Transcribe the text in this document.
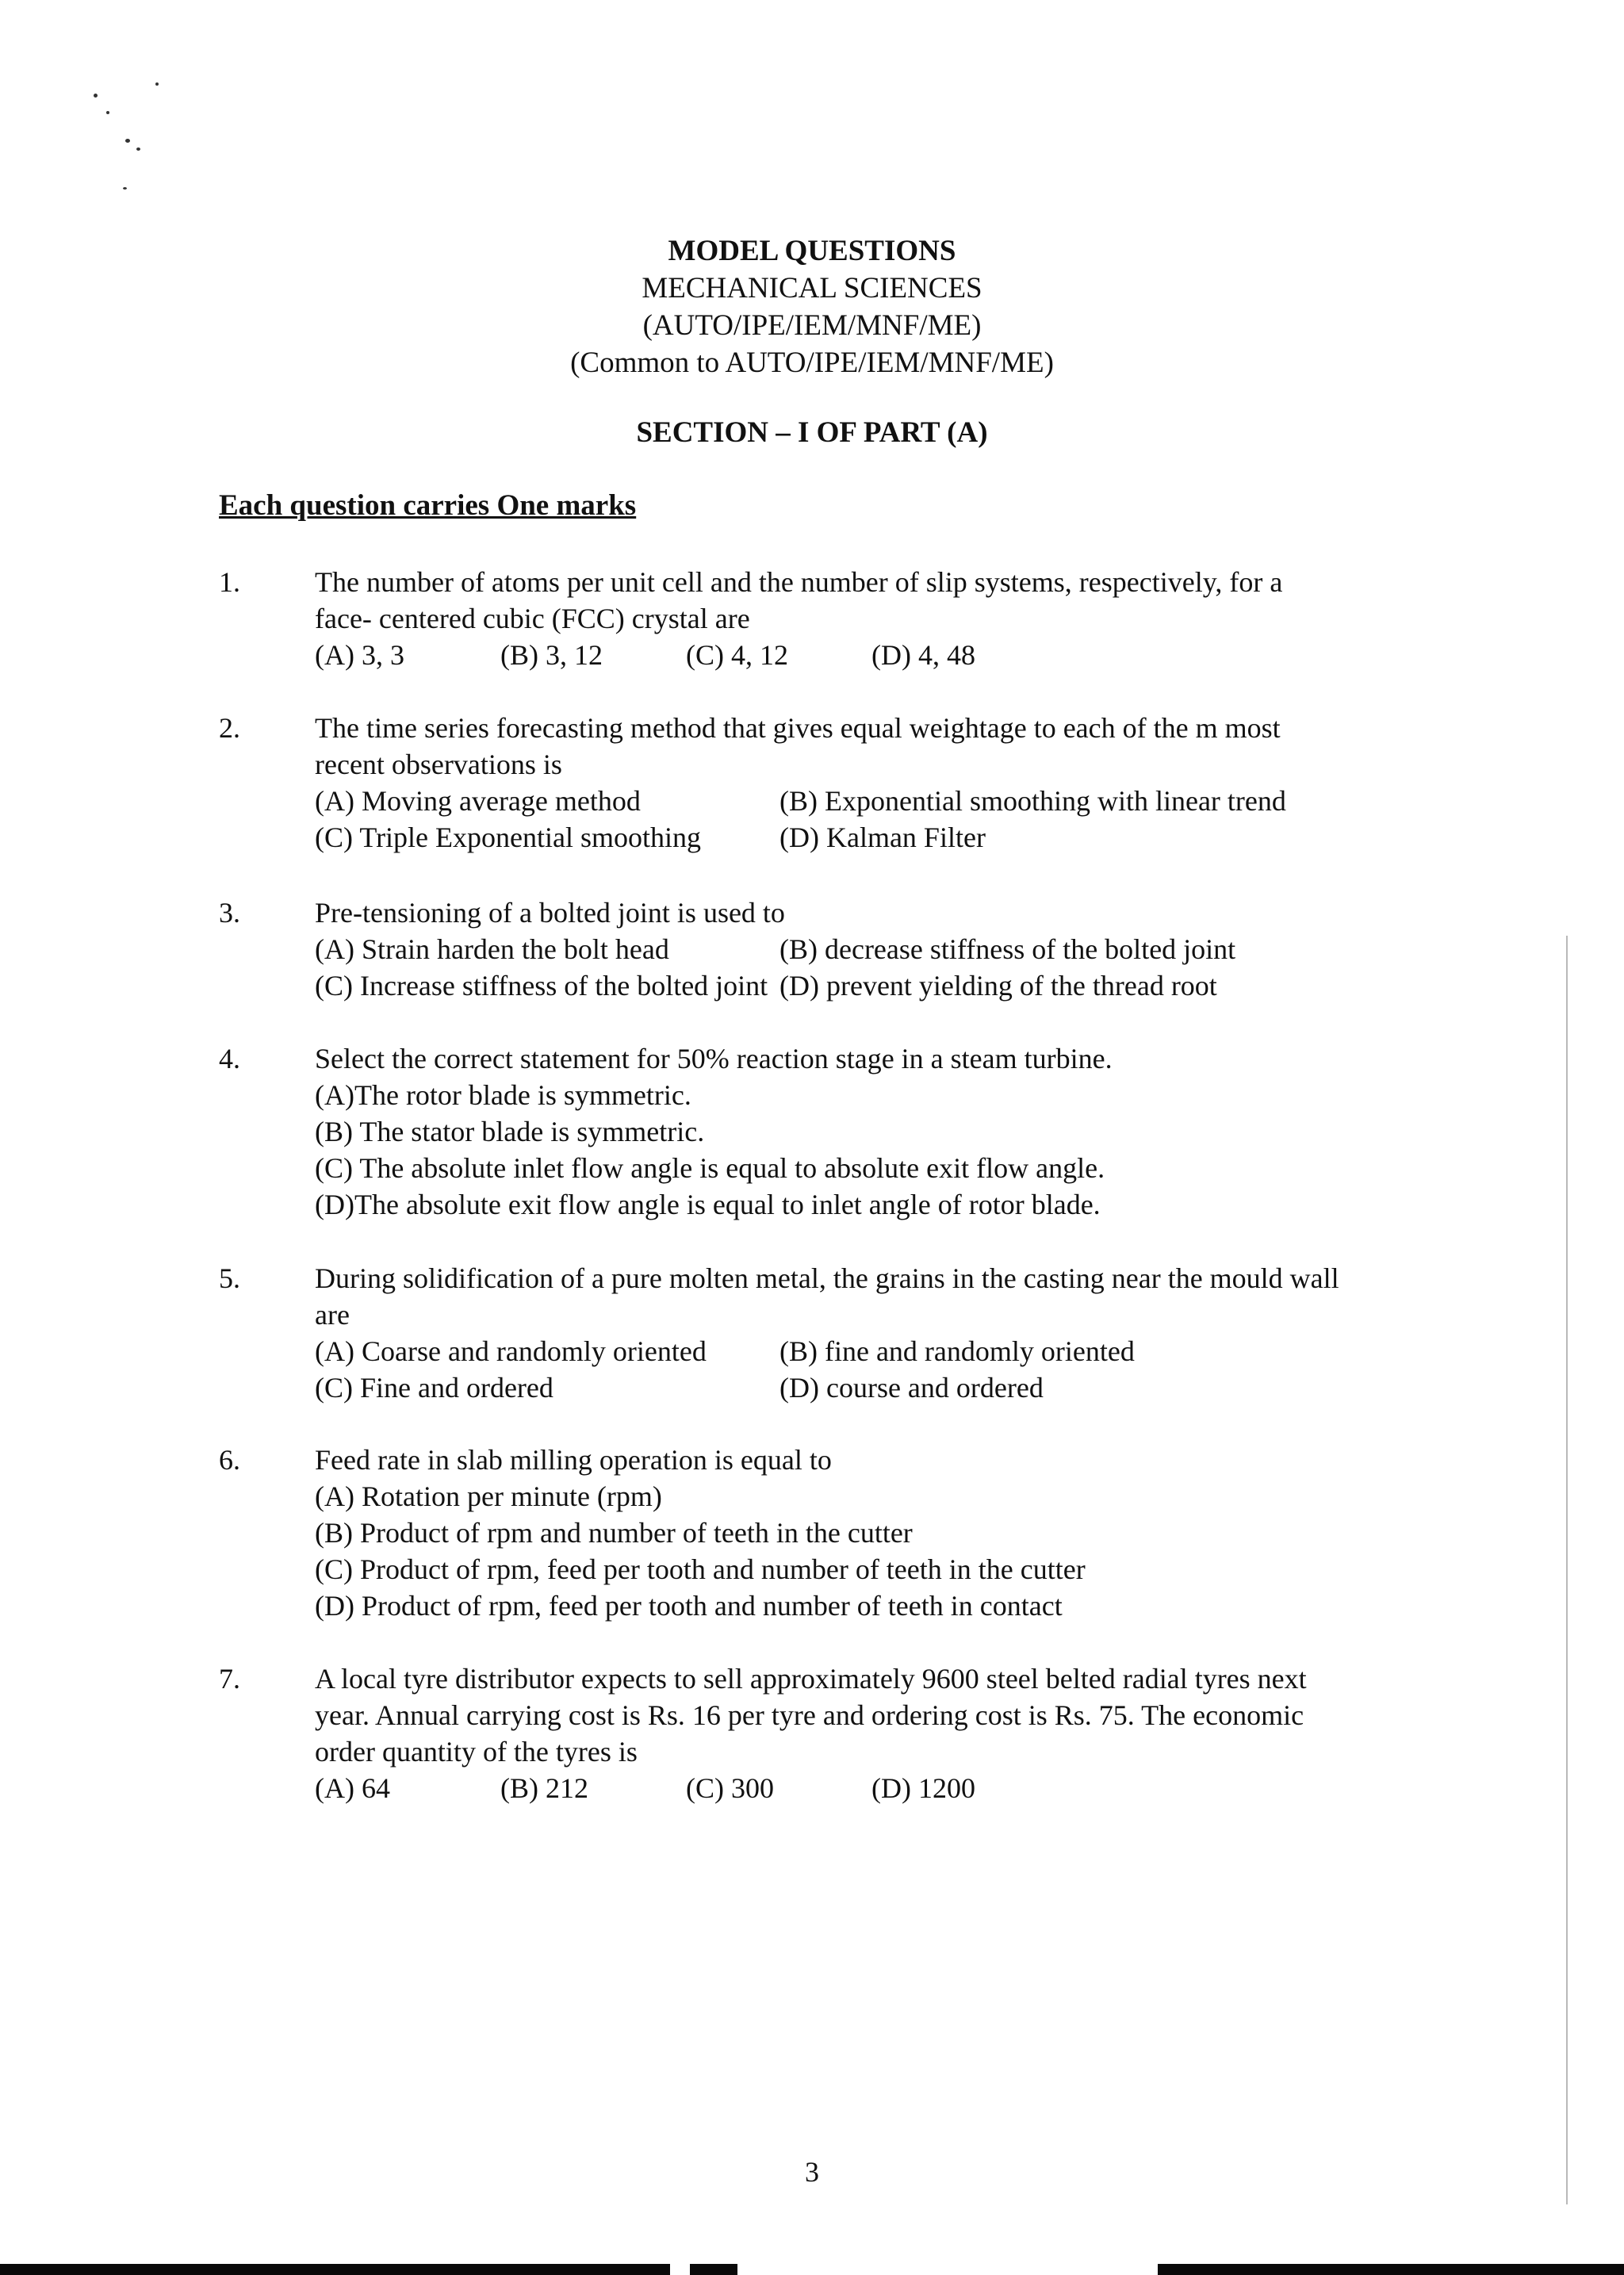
MODEL QUESTIONS
MECHANICAL SCIENCES
(AUTO/IPE/IEM/MNF/ME)
(Common to AUTO/IPE/IEM/MNF/ME)
SECTION – I OF PART (A)
Each question carries One marks
1.	The number of atoms per unit cell and the number of slip systems, respectively, for a face- centered cubic (FCC) crystal are
(A) 3, 3	(B) 3, 12	(C) 4, 12	(D) 4, 48
2.	The time series forecasting method that gives equal weightage to each of the m most recent observations is
(A) Moving average method	(B) Exponential smoothing with linear trend
(C) Triple Exponential smoothing	(D) Kalman Filter
3.	Pre-tensioning of a bolted joint is used to
(A) Strain harden the bolt head	(B) decrease stiffness of the bolted joint
(C) Increase stiffness of the bolted joint (D) prevent yielding of the thread root
4.	Select the correct statement for 50% reaction stage in a steam turbine.
(A)The rotor blade is symmetric.
(B) The stator blade is symmetric.
(C) The absolute inlet flow angle is equal to absolute exit flow angle.
(D)The absolute exit flow angle is equal to inlet angle of rotor blade.
5.	During solidification of a pure molten metal, the grains in the casting near the mould wall are
(A) Coarse and randomly oriented	(B) fine and randomly oriented
(C) Fine and ordered	(D) course and ordered
6.	Feed rate in slab milling operation is equal to
(A) Rotation per minute (rpm)
(B) Product of rpm and number of teeth in the cutter
(C) Product of rpm, feed per tooth and number of teeth in the cutter
(D) Product of rpm, feed per tooth and number of teeth in contact
7.	A local tyre distributor expects to sell approximately 9600 steel belted radial tyres next year. Annual carrying cost is Rs. 16 per tyre and ordering cost is Rs. 75. The economic order quantity of the tyres is
(A) 64	(B) 212	(C) 300	(D) 1200
3
